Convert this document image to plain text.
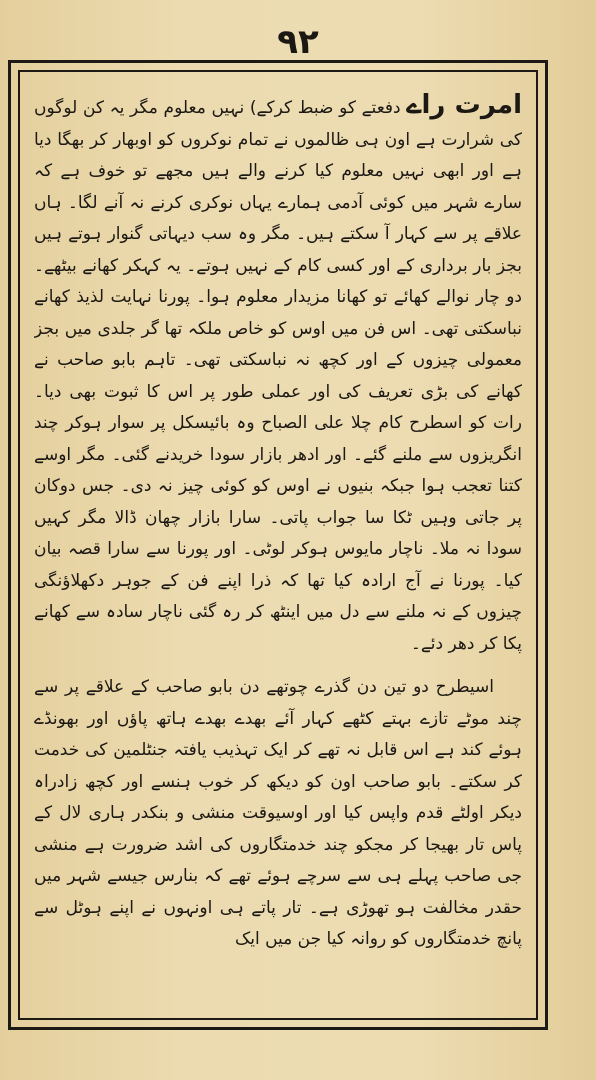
۹۲

امرت راے دفعتے کو ضبط کرکے) نہیں معلوم مگر یہ کن لوگوں کی شرارت ہے اون ہی ظالموں نے تمام نوکروں کو اوبھار کر بھگا دیا ہے اور ابھی نہیں معلوم کیا کرنے والے ہیں مجھے تو خوف ہے کہ سارے شہر میں کوئی آدمی ہمارے یہاں نوکری کرنے نہ آنے لگا۔ ہاں علاقے پر سے کہار آ سکتے ہیں۔ مگر وہ سب دیہاتی گنوار ہوتے ہیں بجز بار برداری کے اور کسی کام کے نہیں ہوتے۔ یہ کہکر کھانے بیٹھے۔ دو چار نوالے کھائے تو کھانا مزیدار معلوم ہوا۔ پورنا نہایت لذیذ کھانے نباسکتی تھی۔ اس فن میں اوس کو خاص ملکہ تھا گر جلدی میں بجز معمولی چیزوں کے اور کچھ نہ نباسکتی تھی۔ تاہم بابو صاحب نے کھانے کی بڑی تعریف کی اور عملی طور پر اس کا ثبوت بھی دیا۔ رات کو اسطرح کام چلا علی الصباح وہ بائیسکل پر سوار ہوکر چند انگریزوں سے ملنے گئے۔ اور ادھر بازار سودا خریدنے گئی۔ مگر اوسے کتنا تعجب ہوا جبکہ بنیوں نے اوس کو کوئی چیز نہ دی۔ جس دوکان پر جاتی وہیں ٹکا سا جواب پاتی۔ سارا بازار چھان ڈالا مگر کہیں سودا نہ ملا۔ ناچار مایوس ہوکر لوٹی۔ اور پورنا سے سارا قصہ بیان کیا۔ پورنا نے آج ارادہ کیا تھا کہ ذرا اپنے فن کے جوہر دکھلاؤنگی چیزوں کے نہ ملنے سے دل میں اینٹھ کر رہ گئی ناچار سادہ سے کھانے پکا کر دھر دئے۔

اسیطرح دو تین دن گذرے چوتھے دن بابو صاحب کے علاقے پر سے چند موٹے تازے بہتے کٹھے کہار آئے بھدے بھدے ہاتھ پاؤں اور بھونڈے ہوئے کند ہے اس قابل نہ تھے کر ایک تہذیب یافتہ جنٹلمین کی خدمت کر سکتے۔ بابو صاحب اون کو دیکھ کر خوب ہنسے اور کچھ زادراہ دیکر اولٹے قدم واپس کیا اور اوسیوقت منشی و بنکدر ہاری لال کے پاس تار بھیجا کر مجکو چند خدمتگاروں کی اشد ضرورت ہے منشی جی صاحب پہلے ہی سے سرچے ہوئے تھے کہ بنارس جیسے شہر میں حقدر مخالفت ہو تھوڑی ہے۔ تار پاتے ہی اونہوں نے اپنے ہوٹل سے پانچ خدمتگاروں کو روانہ کیا جن میں ایک
